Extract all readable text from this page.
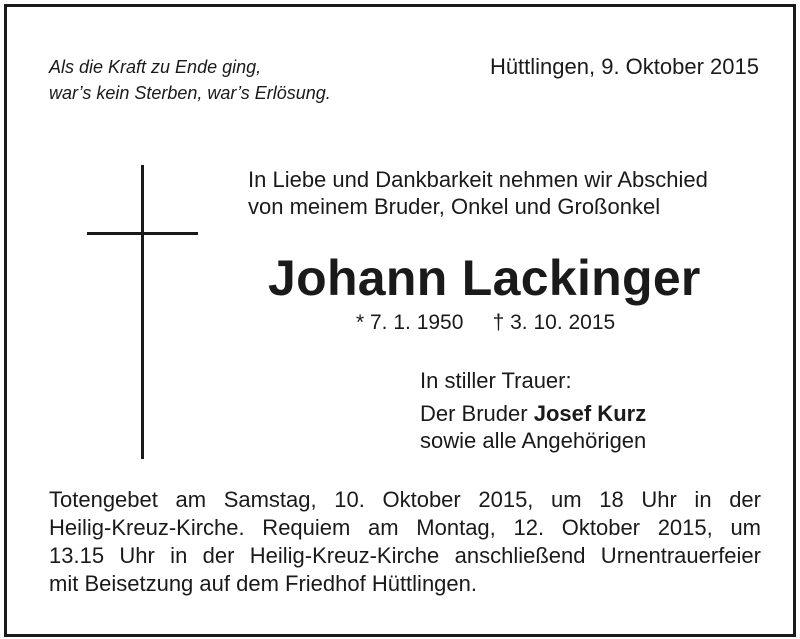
Als die Kraft zu Ende ging,
war’s kein Sterben, war’s Erlösung.
Hüttlingen, 9. Oktober 2015
In Liebe und Dankbarkeit nehmen wir Abschied
von meinem Bruder, Onkel und Großonkel
Johann Lackinger
* 7. 1. 1950 † 3. 10. 2015
In stiller Trauer:
Der Bruder Josef Kurz
sowie alle Angehörigen
Totengebet am Samstag, 10. Oktober 2015, um 18 Uhr in der
Heilig-Kreuz-Kirche. Requiem am Montag, 12. Oktober 2015, um
13.15 Uhr in der Heilig-Kreuz-Kirche anschließend Urnentrauerfeier
mit Beisetzung auf dem Friedhof Hüttlingen.
